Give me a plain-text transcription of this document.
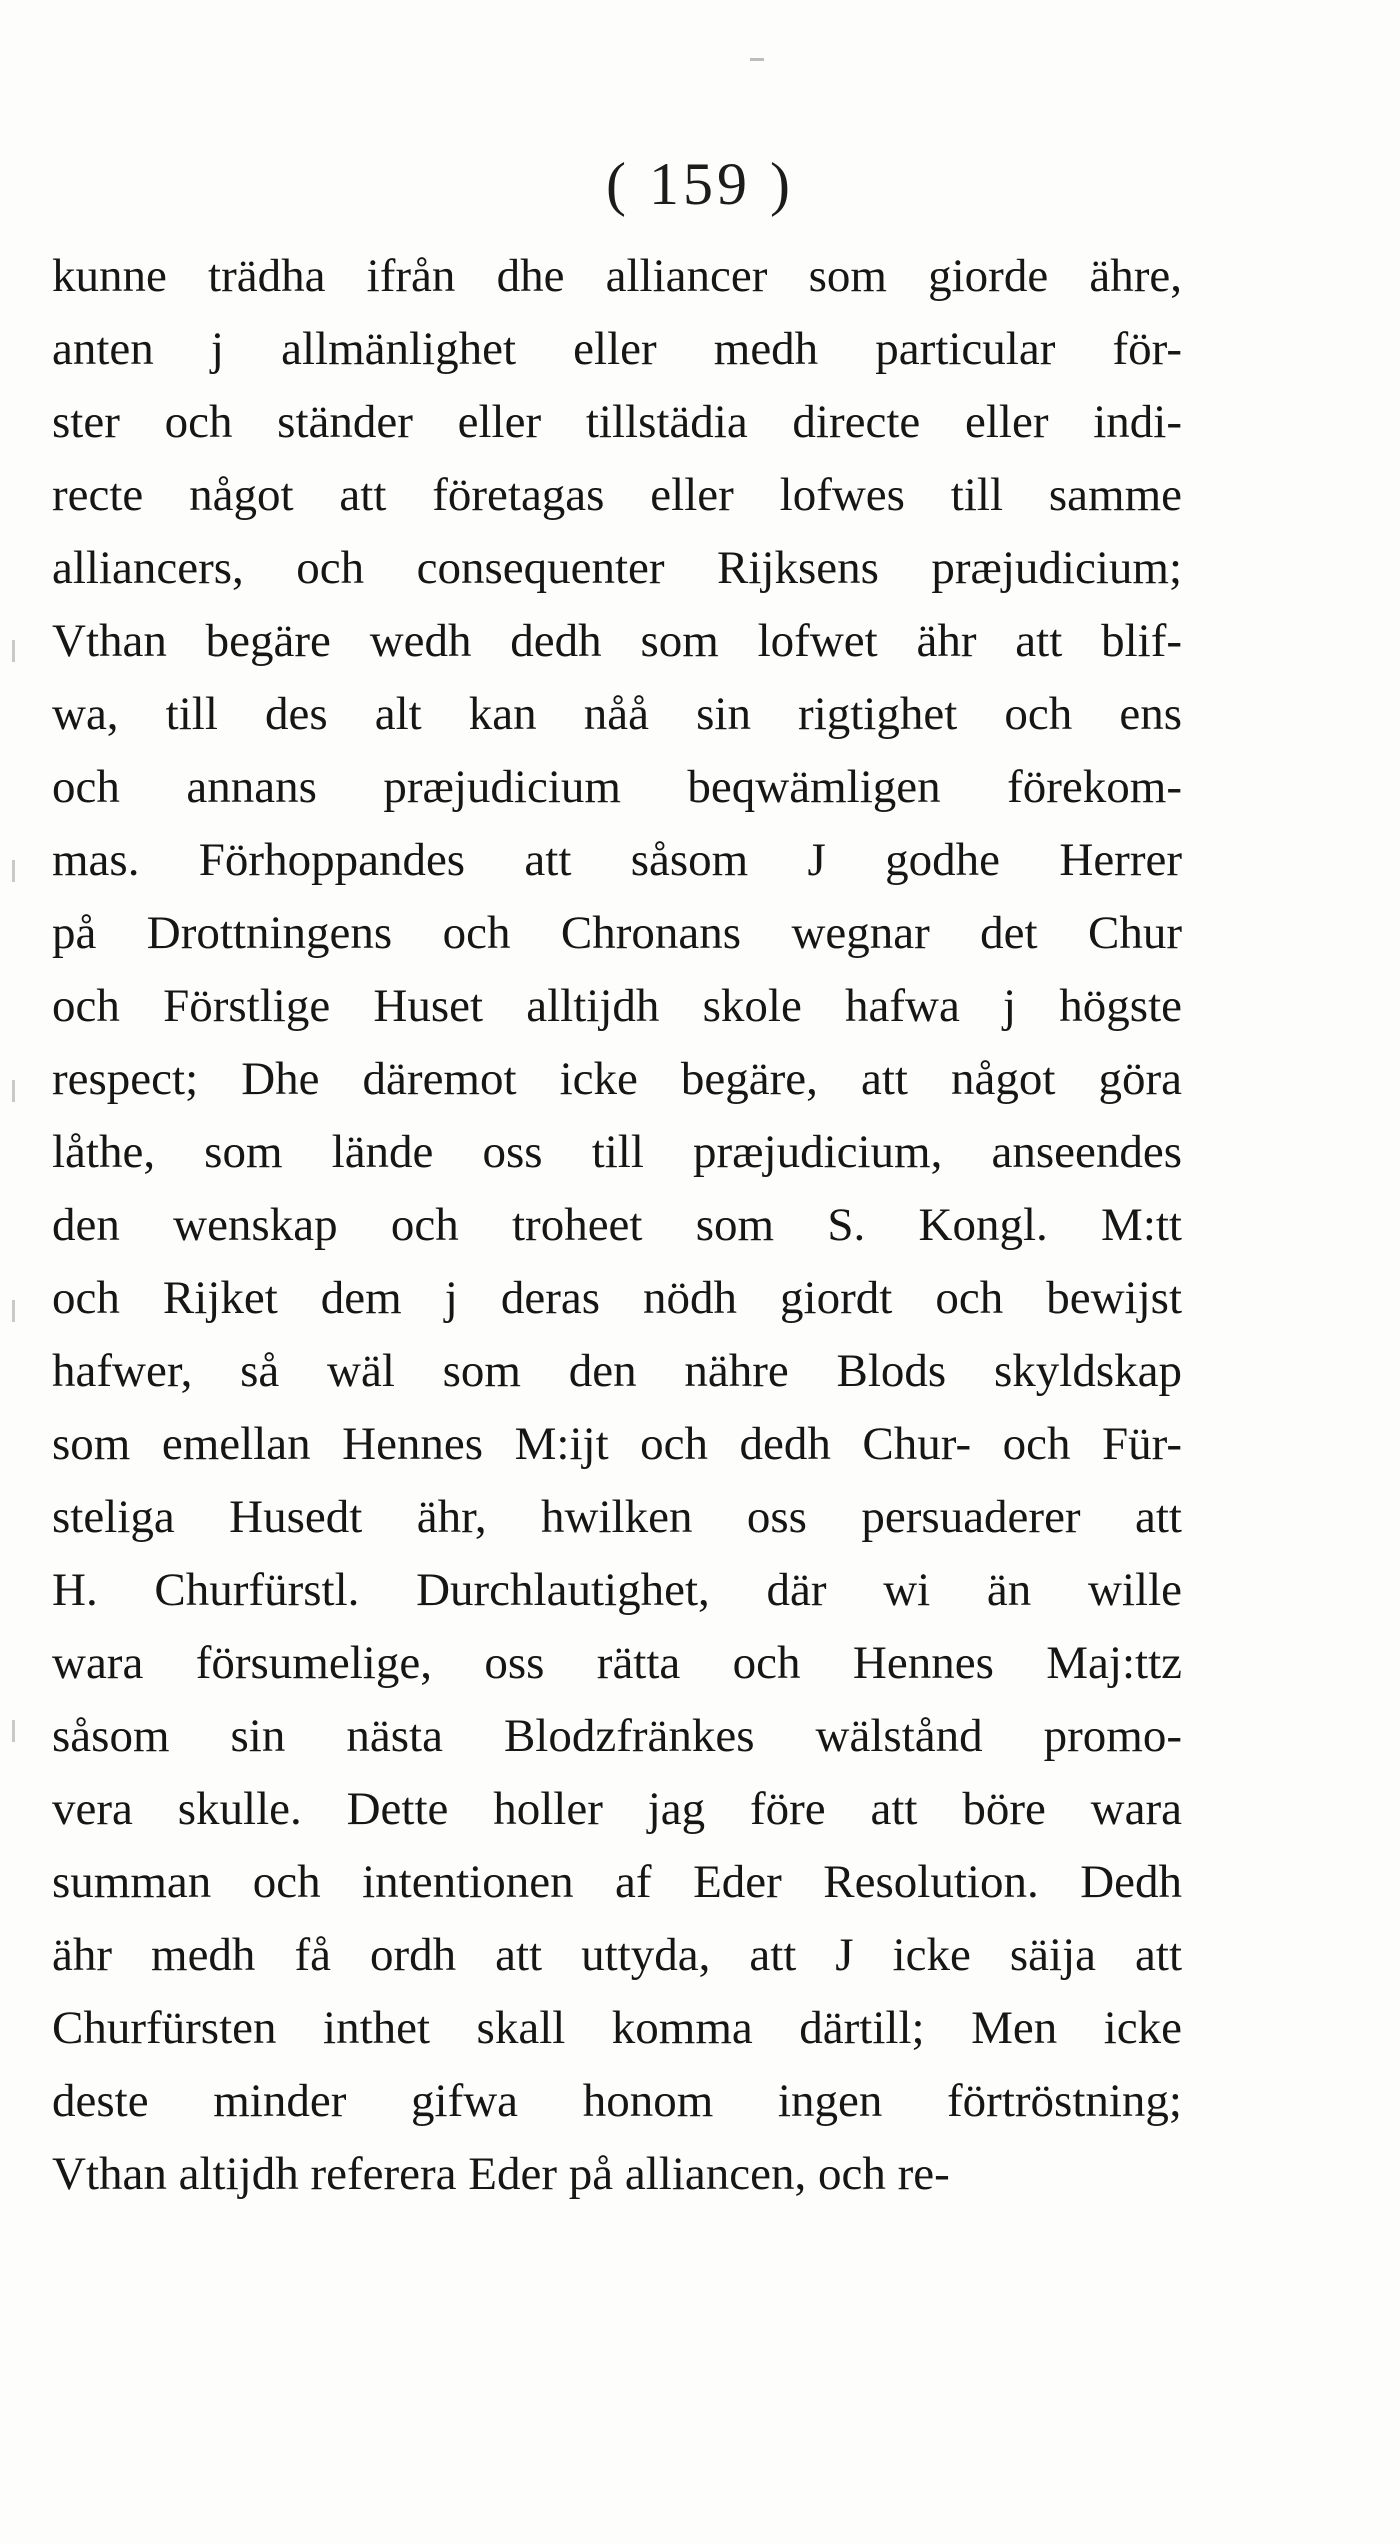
( 159 )
kunne trädha ifrån dhe alliancer som giorde ähre,
anten j allmänlighet eller medh particular för-
ster och ständer eller tillstädia directe eller indi-
recte något att företagas eller lofwes till samme
alliancers, och consequenter Rijksens præjudicium;
Vthan begäre wedh dedh som lofwet ähr att blif-
wa, till des alt kan nåå sin rigtighet och ens
och annans præjudicium beqwämligen förekom-
mas. Förhoppandes att såsom J godhe Herrer
på Drottningens och Chronans wegnar det Chur
och Förstlige Huset alltijdh skole hafwa j högste
respect; Dhe däremot icke begäre, att något göra
låthe, som lände oss till præjudicium, anseendes
den wenskap och troheet som S. Kongl. M:tt
och Rijket dem j deras nödh giordt och bewijst
hafwer, så wäl som den nähre Blods skyldskap
som emellan Hennes M:ijt och dedh Chur- och Für-
steliga Husedt ähr, hwilken oss persuaderer att
H. Churfürstl. Durchlautighet, där wi än wille
wara försumelige, oss rätta och Hennes Maj:ttz
såsom sin nästa Blodzfränkes wälstånd promo-
vera skulle. Dette holler jag före att böre wara
summan och intentionen af Eder Resolution. Dedh
ähr medh få ordh att uttyda, att J icke säija att
Churfürsten inthet skall komma därtill; Men icke
deste minder gifwa honom ingen förtröstning;
Vthan altijdh referera Eder på alliancen, och re-
